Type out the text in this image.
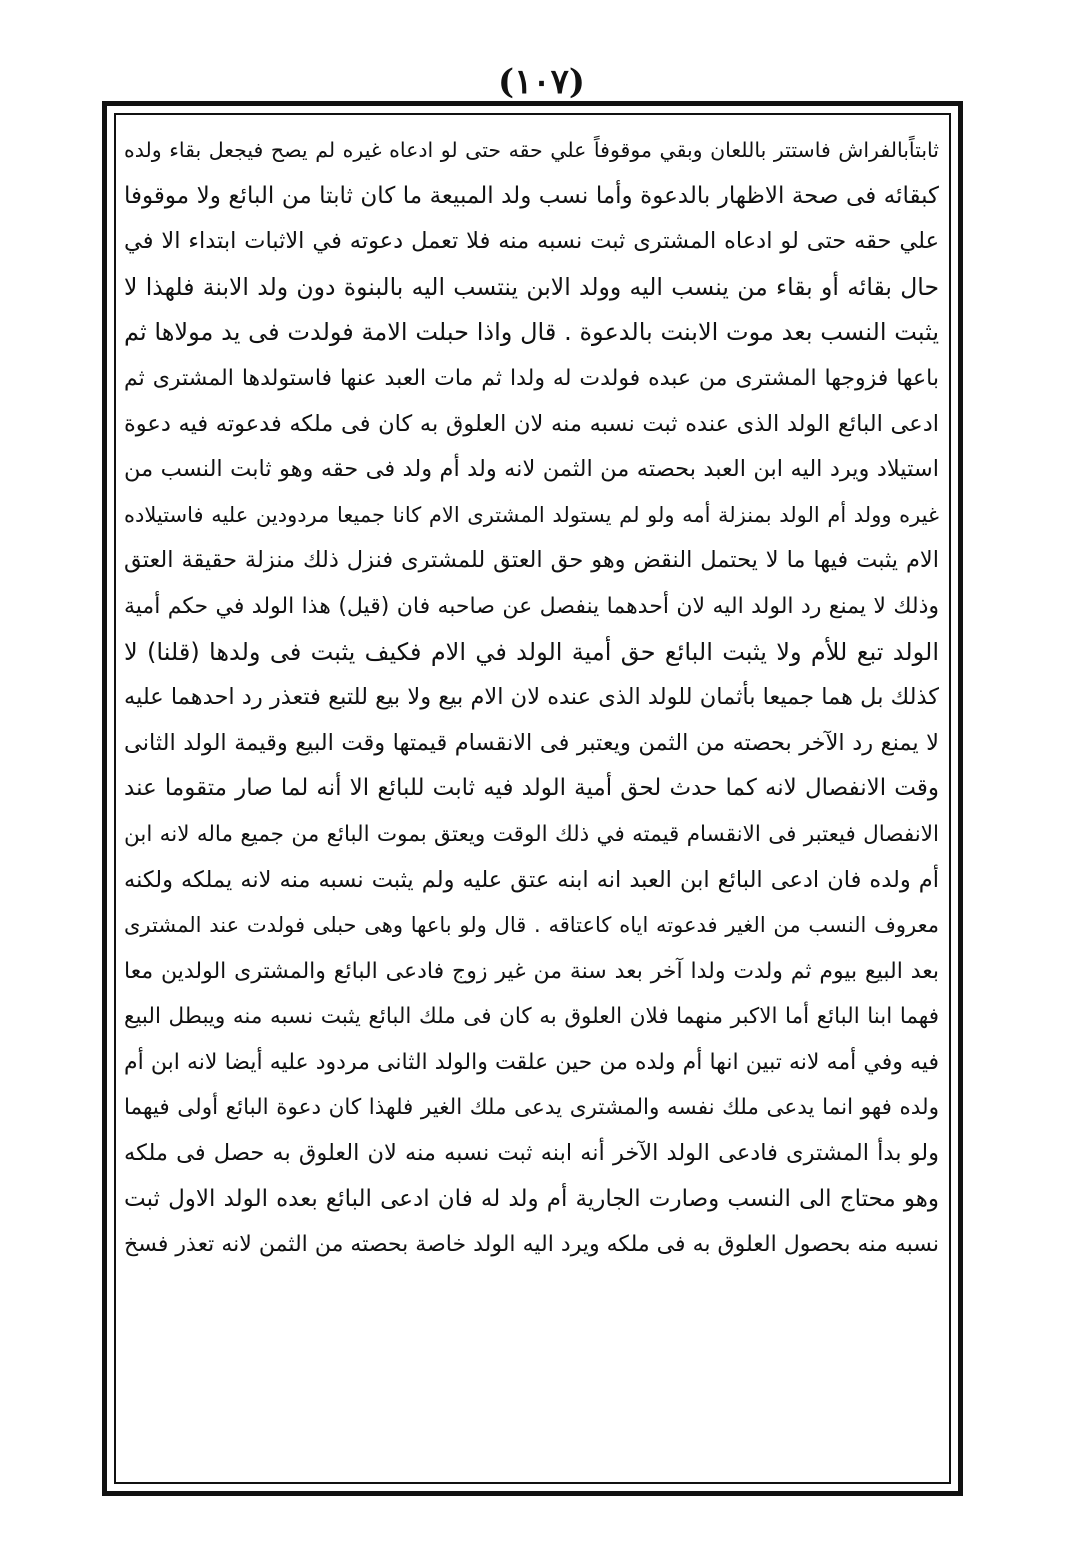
(١٠٧)
ثابتاًبالفراش فاستتر باللعان وبقي موقوفاً علي حقه حتى لو ادعاه غيره لم يصح فيجعل بقاء ولده
كبقائه فى صحة الاظهار بالدعوة وأما نسب ولد المبيعة ما كان ثابتا من البائع ولا موقوفا
علي حقه حتى لو ادعاه المشترى ثبت نسبه منه فلا تعمل دعوته في الاثبات ابتداء الا في
حال بقائه أو بقاء من ينسب اليه وولد الابن ينتسب اليه بالبنوة دون ولد الابنة فلهذا لا
يثبت النسب بعد موت الابنت بالدعوة . قال واذا حبلت الامة فولدت فى يد مولاها ثم
باعها فزوجها المشترى من عبده فولدت له ولدا ثم مات العبد عنها فاستولدها المشترى ثم
ادعى البائع الولد الذى عنده ثبت نسبه منه لان العلوق به كان فى ملكه فدعوته فيه دعوة
استيلاد ويرد اليه ابن العبد بحصته من الثمن لانه ولد أم ولد فى حقه وهو ثابت النسب من
غيره وولد أم الولد بمنزلة أمه ولو لم يستولد المشترى الام كانا جميعا مردودين عليه فاستيلاده
الام يثبت فيها ما لا يحتمل النقض وهو حق العتق للمشترى فنزل ذلك منزلة حقيقة العتق
وذلك لا يمنع رد الولد اليه لان أحدهما ينفصل عن صاحبه فان (قيل) هذا الولد في حكم أمية
الولد تبع للأم ولا يثبت البائع حق أمية الولد في الام فكيف يثبت فى ولدها (قلنا) لا
كذلك بل هما جميعا بأثمان للولد الذى عنده لان الام بيع ولا بيع للتبع فتعذر رد احدهما عليه
لا يمنع رد الآخر بحصته من الثمن ويعتبر فى الانقسام قيمتها وقت البيع وقيمة الولد الثانى
وقت الانفصال لانه كما حدث لحق أمية الولد فيه ثابت للبائع الا أنه لما صار متقوما عند
الانفصال فيعتبر فى الانقسام قيمته في ذلك الوقت ويعتق بموت البائع من جميع ماله لانه ابن
أم ولده فان ادعى البائع ابن العبد انه ابنه عتق عليه ولم يثبت نسبه منه لانه يملكه ولكنه
معروف النسب من الغير فدعوته اياه كاعتاقه . قال ولو باعها وهى حبلى فولدت عند المشترى
بعد البيع بيوم ثم ولدت ولدا آخر بعد سنة من غير زوج فادعى البائع والمشترى الولدين معا
فهما ابنا البائع أما الاكبر منهما فلان العلوق به كان فى ملك البائع يثبت نسبه منه ويبطل البيع
فيه وفي أمه لانه تبين انها أم ولده من حين علقت والولد الثانى مردود عليه أيضا لانه ابن أم
ولده فهو انما يدعى ملك نفسه والمشترى يدعى ملك الغير فلهذا كان دعوة البائع أولى فيهما
ولو بدأ المشترى فادعى الولد الآخر أنه ابنه ثبت نسبه منه لان العلوق به حصل فى ملكه
وهو محتاج الى النسب وصارت الجارية أم ولد له فان ادعى البائع بعده الولد الاول ثبت
نسبه منه بحصول العلوق به فى ملكه ويرد اليه الولد خاصة بحصته من الثمن لانه تعذر فسخ
